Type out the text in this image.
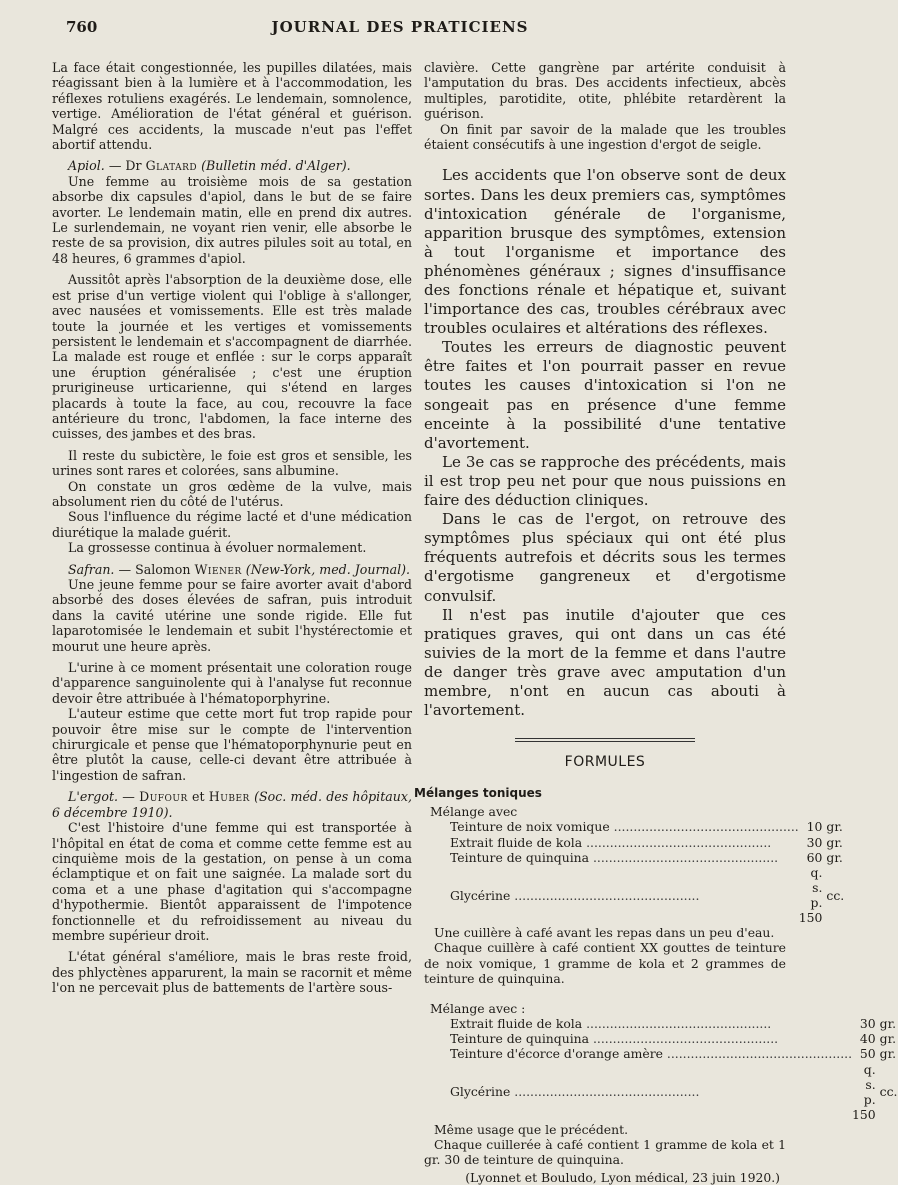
760	JOURNAL DES PRATICIENS

La face était congestionnée, les pupilles dilatées, mais réagissant bien à la lumière et à l'accommodation, les réflexes rotuliens exagérés. Le lendemain, somnolence, vertige. Amélioration de l'état général et guérison. Malgré ces accidents, la muscade n'eut pas l'effet abortif attendu.

Apiol. — Dr Glatard (Bulletin méd. d'Alger).

Une femme au troisième mois de sa gestation absorbe dix capsules d'apiol, dans le but de se faire avorter. Le lendemain matin, elle en prend dix autres. Le surlendemain, ne voyant rien venir, elle absorbe le reste de sa provision, dix autres pilules soit au total, en 48 heures, 6 grammes d'apiol.

Aussitôt après l'absorption de la deuxième dose, elle est prise d'un vertige violent qui l'oblige à s'allonger, avec nausées et vomissements. Elle est très malade toute la journée et les vertiges et vomissements persistent le lendemain et s'accompagnent de diarrhée. La malade est rouge et enflée : sur le corps apparaît une éruption généralisée ; c'est une éruption prurigineuse urticarienne, qui s'étend en larges placards à toute la face, au cou, recouvre la face antérieure du tronc, l'abdomen, la face interne des cuisses, des jambes et des bras.

Il reste du subictère, le foie est gros et sensible, les urines sont rares et colorées, sans albumine.

On constate un gros œdème de la vulve, mais absolument rien du côté de l'utérus.

Sous l'influence du régime lacté et d'une médication diurétique la malade guérit.

La grossesse continua à évoluer normalement.

Safran. — Salomon Wiener (New-York, med. Journal).

Une jeune femme pour se faire avorter avait d'abord absorbé des doses élevées de safran, puis introduit dans la cavité utérine une sonde rigide. Elle fut laparotomisée le lendemain et subit l'hystérectomie et mourut une heure après.

L'urine à ce moment présentait une coloration rouge d'apparence sanguinolente qui à l'analyse fut reconnue devoir être attribuée à l'hématoporphyrine.

L'auteur estime que cette mort fut trop rapide pour pouvoir être mise sur le compte de l'intervention chirurgicale et pense que l'hématoporphynurie peut en être plutôt la cause, celle-ci devant être attribuée à l'ingestion de safran.

L'ergot. — Dufour et Huber (Soc. méd. des hôpitaux, 6 décembre 1910).

C'est l'histoire d'une femme qui est transportée à l'hôpital en état de coma et comme cette femme est au cinquième mois de la gestation, on pense à un coma éclamptique et on fait une saignée. La malade sort du coma et a une phase d'agitation qui s'accompagne d'hypothermie. Bientôt apparaissent de l'impotence fonctionnelle et du refroidissement au niveau du membre supérieur droit.

L'état général s'améliore, mais le bras reste froid, des phlyctènes apparurent, la main se racornit et même l'on ne percevait plus de battements de l'artère sous-

clavière. Cette gangrène par artérite conduisit à l'amputation du bras. Des accidents infectieux, abcès multiples, parotidite, otite, phlébite retardèrent la guérison.

On finit par savoir de la malade que les troubles étaient consécutifs à une ingestion d'ergot de seigle.

Les accidents que l'on observe sont de deux sortes. Dans les deux premiers cas, symptômes d'intoxication générale de l'organisme, apparition brusque des symptômes, extension à tout l'organisme et importance des phénomènes généraux ; signes d'insuffisance des fonctions rénale et hépatique et, suivant l'importance des cas, troubles cérébraux avec troubles oculaires et altérations des réflexes.

Toutes les erreurs de diagnostic peuvent être faites et l'on pourrait passer en revue toutes les causes d'intoxication si l'on ne songeait pas en présence d'une femme enceinte à la possibilité d'une tentative d'avortement.

Le 3e cas se rapproche des précédents, mais il est trop peu net pour que nous puissions en faire des déduction cliniques.

Dans le cas de l'ergot, on retrouve des symptômes plus spéciaux qui ont été plus fréquents autrefois et décrits sous les termes d'ergotisme gangreneux et d'ergotisme convulsif.

Il n'est pas inutile d'ajouter que ces pratiques graves, qui ont dans un cas été suivies de la mort de la femme et dans l'autre de danger très grave avec amputation d'un membre, n'ont en aucun cas abouti à l'avortement.

FORMULES
Mélanges toniques
Mélange avec
Teinture de noix vomique .....	10	gr.
Extrait fluide de kola .....	30	gr.
Teinture de quinquina .....	60	gr.
Glycérine .....	q. s. p. 150	cc.

Une cuillère à café avant les repas dans un peu d'eau.

Chaque cuillère à café contient XX gouttes de teinture de noix vomique, 1 gramme de kola et 2 grammes de teinture de quinquina.

Mélange avec :
Extrait fluide de kola .....	30	gr.
Teinture de quinquina .....	40	gr.
Teinture d'écorce d'orange amère .....	50	gr.
Glycérine .....	q. s. p. 150	cc.

Même usage que le précédent.

Chaque cuillerée à café contient 1 gramme de kola et 1 gr. 30 de teinture de quinquina.

(Lyonnet et Bouludo, Lyon médical, 23 juin 1920.)
